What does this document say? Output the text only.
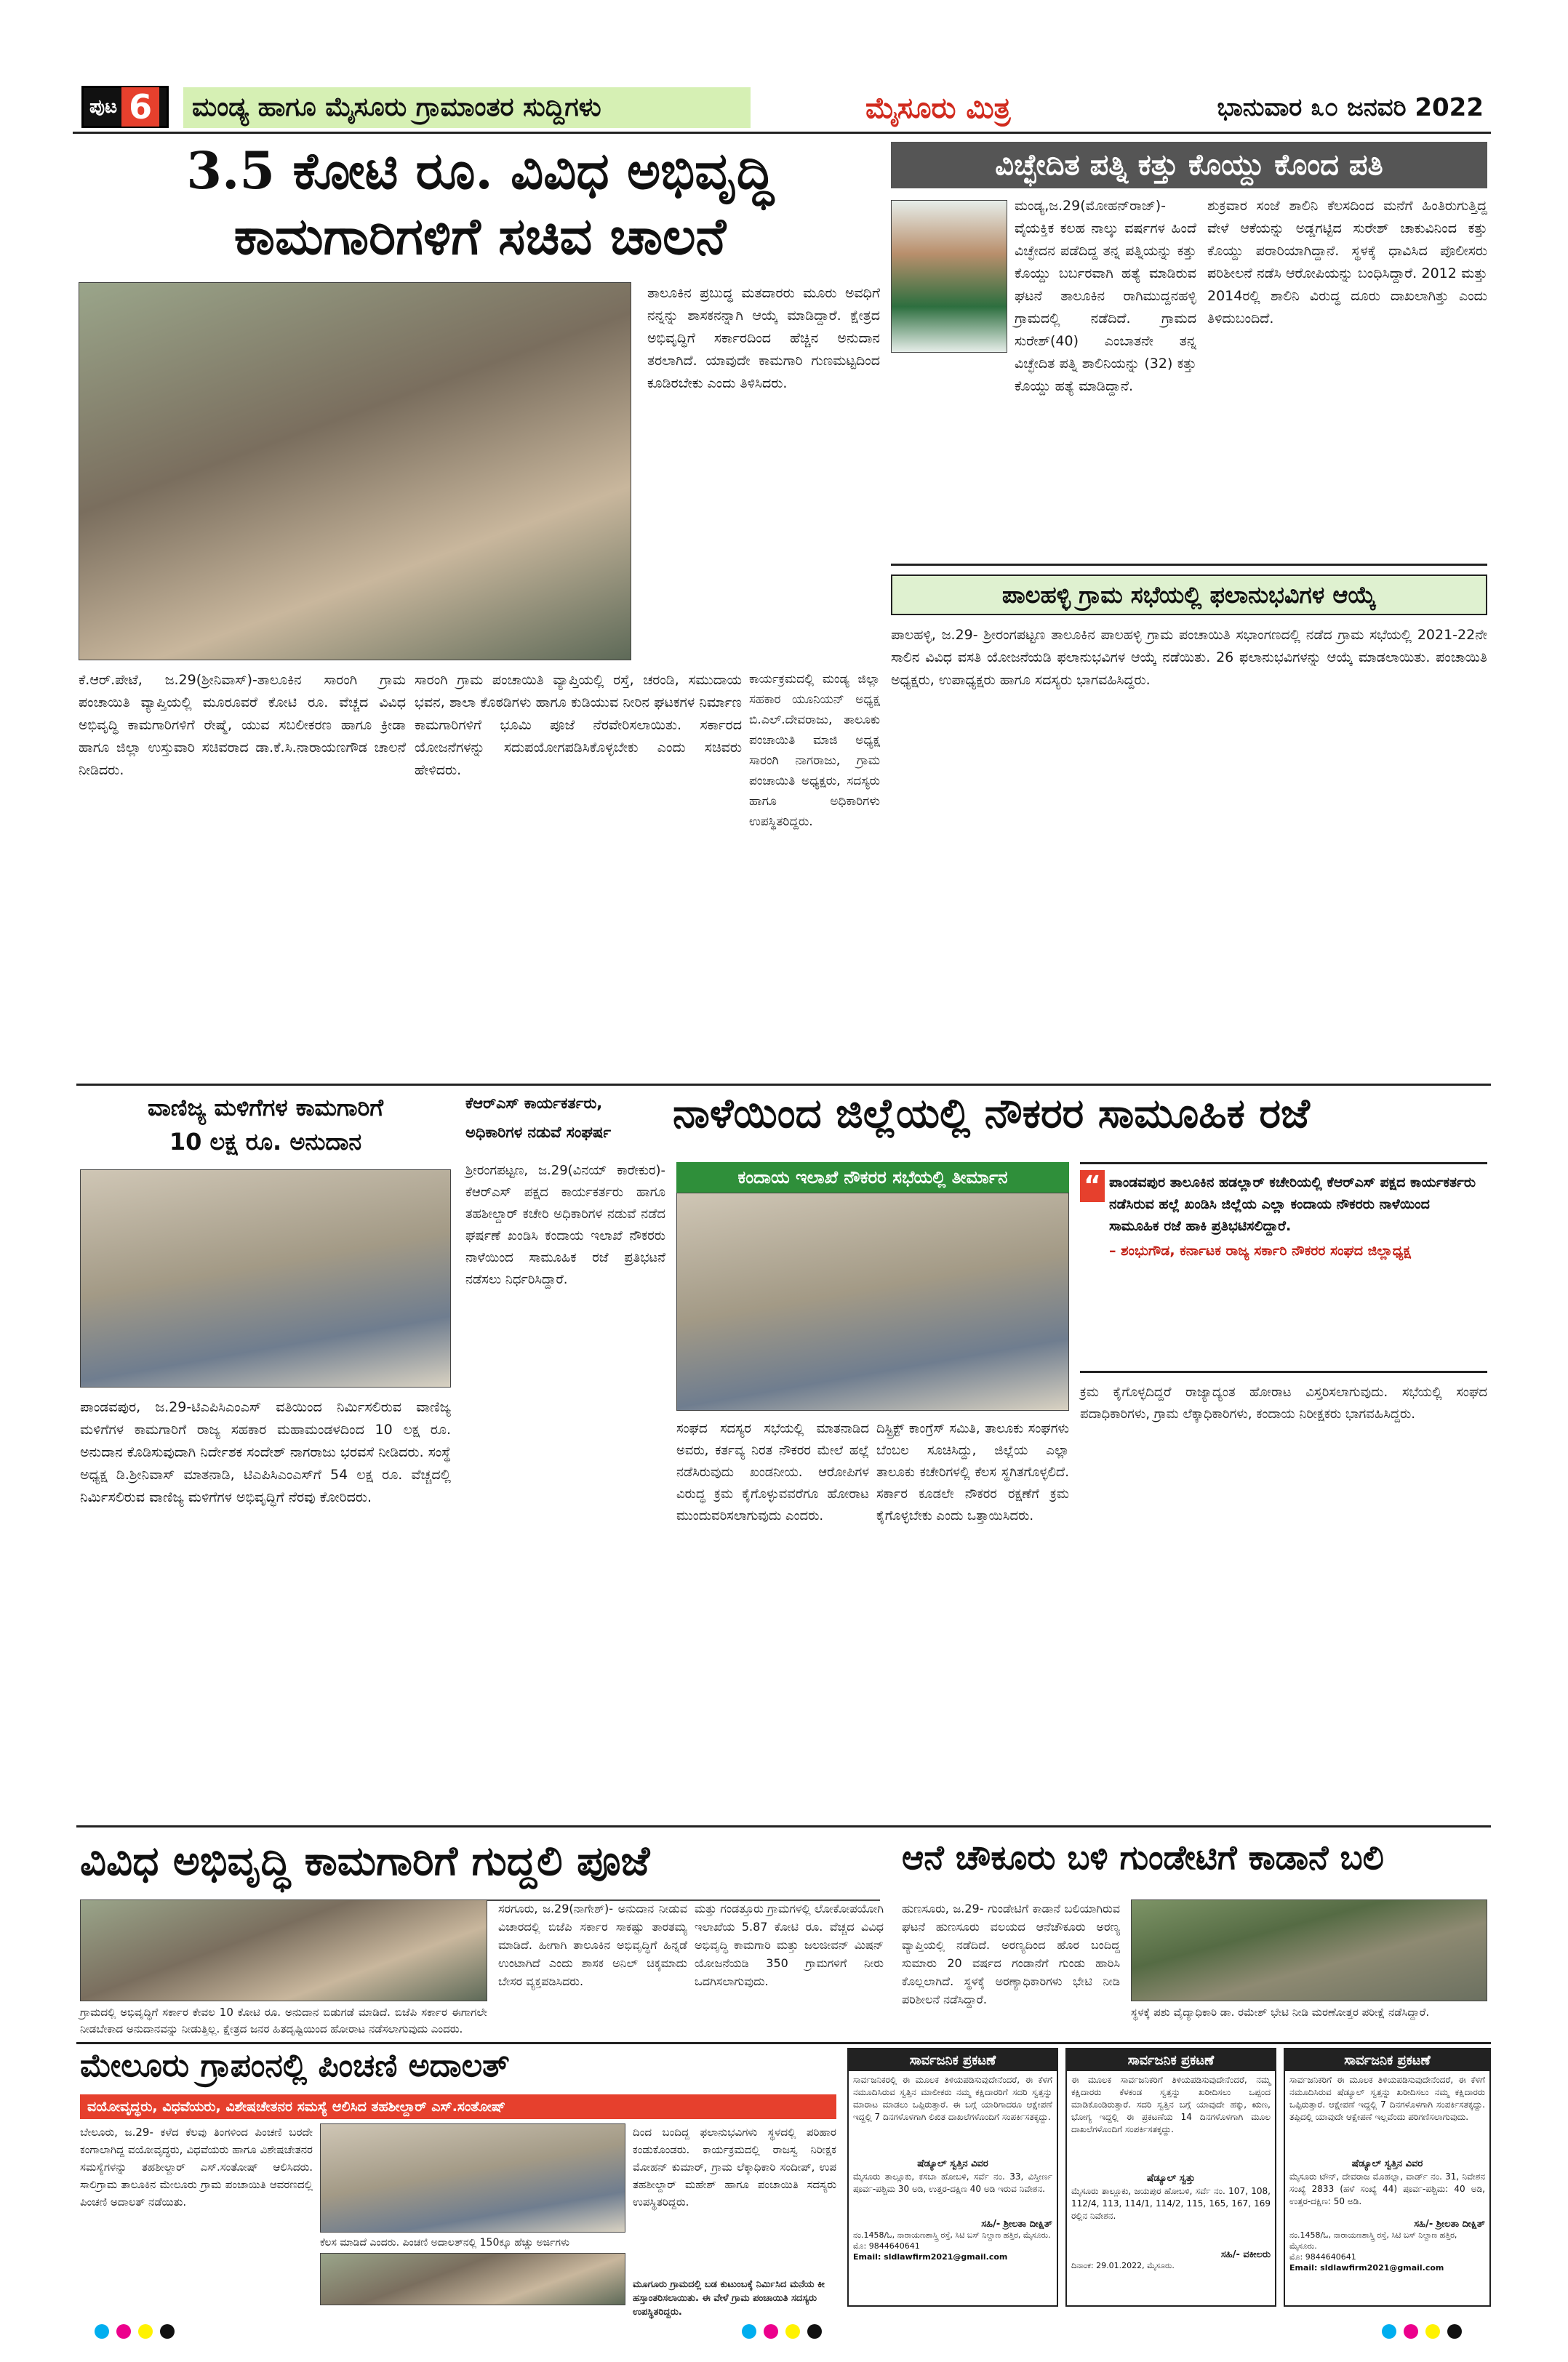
ಪುಟ 6	ಮಂಡ್ಯ ಹಾಗೂ ಮೈಸೂರು ಗ್ರಾಮಾಂತರ ಸುದ್ದಿಗಳು	ಮೈಸೂರು ಮಿತ್ರ	ಭಾನುವಾರ ೩೦ ಜನವರಿ 2022
3.5 ಕೋಟಿ ರೂ. ವಿವಿಧ ಅಭಿವೃದ್ಧಿ
ಕಾಮಗಾರಿಗಳಿಗೆ ಸಚಿವ ಚಾಲನೆ
ತಾಲೂಕಿನ ಪ್ರಬುದ್ಧ ಮತದಾರರು ಮೂರು ಅವಧಿಗೆ ನನ್ನನ್ನು ಶಾಸಕನನ್ನಾಗಿ ಆಯ್ಕೆ ಮಾಡಿದ್ದಾರೆ. ಕ್ಷೇತ್ರದ ಅಭಿವೃದ್ಧಿಗೆ ಸರ್ಕಾರದಿಂದ ಹೆಚ್ಚಿನ ಅನುದಾನ ತರಲಾಗಿದೆ. ಯಾವುದೇ ಕಾಮಗಾರಿ ಗುಣಮಟ್ಟದಿಂದ ಕೂಡಿರಬೇಕು ಎಂದು ತಿಳಿಸಿದರು.
ಕೆ.ಆರ್.ಪೇಟೆ, ಜ.29(ಶ್ರೀನಿವಾಸ್)-ತಾಲೂಕಿನ ಸಾರಂಗಿ ಗ್ರಾಮ ಪಂಚಾಯಿತಿ ವ್ಯಾಪ್ತಿಯಲ್ಲಿ ಮೂರೂವರೆ ಕೋಟಿ ರೂ. ವೆಚ್ಚದ ವಿವಿಧ ಅಭಿವೃದ್ಧಿ ಕಾಮಗಾರಿಗಳಿಗೆ ರೇಷ್ಮೆ, ಯುವ ಸಬಲೀಕರಣ ಹಾಗೂ ಕ್ರೀಡಾ ಹಾಗೂ ಜಿಲ್ಲಾ ಉಸ್ತುವಾರಿ ಸಚಿವರಾದ ಡಾ.ಕೆ.ಸಿ.ನಾರಾಯಣಗೌಡ ಚಾಲನೆ ನೀಡಿದರು.
ಸಾರಂಗಿ ಗ್ರಾಮ ಪಂಚಾಯಿತಿ ವ್ಯಾಪ್ತಿಯಲ್ಲಿ ರಸ್ತೆ, ಚರಂಡಿ, ಸಮುದಾಯ ಭವನ, ಶಾಲಾ ಕೊಠಡಿಗಳು ಹಾಗೂ ಕುಡಿಯುವ ನೀರಿನ ಘಟಕಗಳ ನಿರ್ಮಾಣ ಕಾಮಗಾರಿಗಳಿಗೆ ಭೂಮಿ ಪೂಜೆ ನೆರವೇರಿಸಲಾಯಿತು. ಸರ್ಕಾರದ ಯೋಜನೆಗಳನ್ನು ಸದುಪಯೋಗಪಡಿಸಿಕೊಳ್ಳಬೇಕು ಎಂದು ಸಚಿವರು ಹೇಳಿದರು.
ಕಾರ್ಯಕ್ರಮದಲ್ಲಿ ಮಂಡ್ಯ ಜಿಲ್ಲಾ ಸಹಕಾರ ಯೂನಿಯನ್ ಅಧ್ಯಕ್ಷ ಬಿ.ಎಲ್.ದೇವರಾಜು, ತಾಲೂಕು ಪಂಚಾಯಿತಿ ಮಾಜಿ ಅಧ್ಯಕ್ಷ ಸಾರಂಗಿ ನಾಗರಾಜು, ಗ್ರಾಮ ಪಂಚಾಯಿತಿ ಅಧ್ಯಕ್ಷರು, ಸದಸ್ಯರು ಹಾಗೂ ಅಧಿಕಾರಿಗಳು ಉಪಸ್ಥಿತರಿದ್ದರು.
ವಿಚ್ಛೇದಿತ ಪತ್ನಿ ಕತ್ತು ಕೊಯ್ದು ಕೊಂದ ಪತಿ
ಮಂಡ್ಯ,ಜ.29(ಮೋಹನ್‌ರಾಜ್)-ವೈಯಕ್ತಿಕ ಕಲಹ ನಾಲ್ಕು ವರ್ಷಗಳ ಹಿಂದೆ ವಿಚ್ಛೇದನ ಪಡೆದಿದ್ದ ತನ್ನ ಪತ್ನಿಯನ್ನು ಕತ್ತು ಕೊಯ್ದು ಬರ್ಬರವಾಗಿ ಹತ್ಯೆ ಮಾಡಿರುವ ಘಟನೆ ತಾಲೂಕಿನ ರಾಗಿಮುದ್ದನಹಳ್ಳಿ ಗ್ರಾಮದಲ್ಲಿ ನಡೆದಿದೆ. ಗ್ರಾಮದ ಸುರೇಶ್(40) ಎಂಬಾತನೇ ತನ್ನ ವಿಚ್ಛೇದಿತ ಪತ್ನಿ ಶಾಲಿನಿಯನ್ನು (32) ಕತ್ತು ಕೊಯ್ದು ಹತ್ಯೆ ಮಾಡಿದ್ದಾನೆ.
ಶುಕ್ರವಾರ ಸಂಜೆ ಶಾಲಿನಿ ಕೆಲಸದಿಂದ ಮನೆಗೆ ಹಿಂತಿರುಗುತ್ತಿದ್ದ ವೇಳೆ ಆಕೆಯನ್ನು ಅಡ್ಡಗಟ್ಟಿದ ಸುರೇಶ್ ಚಾಕುವಿನಿಂದ ಕತ್ತು ಕೊಯ್ದು ಪರಾರಿಯಾಗಿದ್ದಾನೆ. ಸ್ಥಳಕ್ಕೆ ಧಾವಿಸಿದ ಪೊಲೀಸರು ಪರಿಶೀಲನೆ ನಡೆಸಿ ಆರೋಪಿಯನ್ನು ಬಂಧಿಸಿದ್ದಾರೆ. 2012 ಮತ್ತು 2014ರಲ್ಲಿ ಶಾಲಿನಿ ವಿರುದ್ಧ ದೂರು ದಾಖಲಾಗಿತ್ತು ಎಂದು ತಿಳಿದುಬಂದಿದೆ.
ಪಾಲಹಳ್ಳಿ ಗ್ರಾಮ ಸಭೆಯಲ್ಲಿ ಫಲಾನುಭವಿಗಳ ಆಯ್ಕೆ
ಪಾಲಹಳ್ಳಿ, ಜ.29- ಶ್ರೀರಂಗಪಟ್ಟಣ ತಾಲೂಕಿನ ಪಾಲಹಳ್ಳಿ ಗ್ರಾಮ ಪಂಚಾಯಿತಿ ಸಭಾಂಗಣದಲ್ಲಿ ನಡೆದ ಗ್ರಾಮ ಸಭೆಯಲ್ಲಿ 2021-22ನೇ ಸಾಲಿನ ವಿವಿಧ ವಸತಿ ಯೋಜನೆಯಡಿ ಫಲಾನುಭವಿಗಳ ಆಯ್ಕೆ ನಡೆಯಿತು. 26 ಫಲಾನುಭವಿಗಳನ್ನು ಆಯ್ಕೆ ಮಾಡಲಾಯಿತು. ಪಂಚಾಯಿತಿ ಅಧ್ಯಕ್ಷರು, ಉಪಾಧ್ಯಕ್ಷರು ಹಾಗೂ ಸದಸ್ಯರು ಭಾಗವಹಿಸಿದ್ದರು.
ವಾಣಿಜ್ಯ ಮಳಿಗೆಗಳ ಕಾಮಗಾರಿಗೆ
10 ಲಕ್ಷ ರೂ. ಅನುದಾನ
ಪಾಂಡವಪುರ, ಜ.29-ಟಿಎಪಿಸಿಎಂಎಸ್ ವತಿಯಿಂದ ನಿರ್ಮಿಸಲಿರುವ ವಾಣಿಜ್ಯ ಮಳಿಗೆಗಳ ಕಾಮಗಾರಿಗೆ ರಾಜ್ಯ ಸಹಕಾರ ಮಹಾಮಂಡಳದಿಂದ 10 ಲಕ್ಷ ರೂ. ಅನುದಾನ ಕೊಡಿಸುವುದಾಗಿ ನಿರ್ದೇಶಕ ಸಂದೇಶ್ ನಾಗರಾಜು ಭರವಸೆ ನೀಡಿದರು. ಸಂಸ್ಥೆ ಅಧ್ಯಕ್ಷ ಡಿ.ಶ್ರೀನಿವಾಸ್ ಮಾತನಾಡಿ, ಟಿಎಪಿಸಿಎಂಎಸ್‌ಗೆ 54 ಲಕ್ಷ ರೂ. ವೆಚ್ಚದಲ್ಲಿ ನಿರ್ಮಿಸಲಿರುವ ವಾಣಿಜ್ಯ ಮಳಿಗೆಗಳ ಅಭಿವೃದ್ಧಿಗೆ ನೆರವು ಕೋರಿದರು.
ಕೆಆರ್‌ಎಸ್ ಕಾರ್ಯಕರ್ತರು,
ಅಧಿಕಾರಿಗಳ ನಡುವೆ ಸಂಘರ್ಷ	ನಾಳೆಯಿಂದ ಜಿಲ್ಲೆಯಲ್ಲಿ ನೌಕರರ ಸಾಮೂಹಿಕ ರಜೆ
ಶ್ರೀರಂಗಪಟ್ಟಣ, ಜ.29(ವಿನಯ್ ಕಾರೇಕುರ)- ಕೆಆರ್‌ಎಸ್ ಪಕ್ಷದ ಕಾರ್ಯಕರ್ತರು ಹಾಗೂ ತಹಶೀಲ್ದಾರ್ ಕಚೇರಿ ಅಧಿಕಾರಿಗಳ ನಡುವೆ ನಡೆದ ಘರ್ಷಣೆ ಖಂಡಿಸಿ ಕಂದಾಯ ಇಲಾಖೆ ನೌಕರರು ನಾಳೆಯಿಂದ ಸಾಮೂಹಿಕ ರಜೆ ಪ್ರತಿಭಟನೆ ನಡೆಸಲು ನಿರ್ಧರಿಸಿದ್ದಾರೆ.
ಕಂದಾಯ ಇಲಾಖೆ ನೌಕರರ ಸಭೆಯಲ್ಲಿ ತೀರ್ಮಾನ
ಸಂಘದ ಸದಸ್ಯರ ಸಭೆಯಲ್ಲಿ ಮಾತನಾಡಿದ ಅವರು, ಕರ್ತವ್ಯ ನಿರತ ನೌಕರರ ಮೇಲೆ ಹಲ್ಲೆ ನಡೆಸಿರುವುದು ಖಂಡನೀಯ. ಆರೋಪಿಗಳ ವಿರುದ್ಧ ಕ್ರಮ ಕೈಗೊಳ್ಳುವವರೆಗೂ ಹೋರಾಟ ಮುಂದುವರಿಸಲಾಗುವುದು ಎಂದರು.
ದಿಸ್ಟ್ರಿಕ್ಟ್ ಕಾಂಗ್ರೆಸ್ ಸಮಿತಿ, ತಾಲೂಕು ಸಂಘಗಳು ಬೆಂಬಲ ಸೂಚಿಸಿದ್ದು, ಜಿಲ್ಲೆಯ ಎಲ್ಲಾ ತಾಲೂಕು ಕಚೇರಿಗಳಲ್ಲಿ ಕೆಲಸ ಸ್ಥಗಿತಗೊಳ್ಳಲಿದೆ. ಸರ್ಕಾರ ಕೂಡಲೇ ನೌಕರರ ರಕ್ಷಣೆಗೆ ಕ್ರಮ ಕೈಗೊಳ್ಳಬೇಕು ಎಂದು ಒತ್ತಾಯಿಸಿದರು.
“ ಪಾಂಡವಪುರ ತಾಲೂಕಿನ ಹಡಲ್ಲಾರ್ ಕಚೇರಿಯಲ್ಲಿ ಕೆಆರ್‌ಎಸ್ ಪಕ್ಷದ ಕಾರ್ಯಕರ್ತರು ನಡೆಸಿರುವ ಹಲ್ಲೆ ಖಂಡಿಸಿ ಜಿಲ್ಲೆಯ ಎಲ್ಲಾ ಕಂದಾಯ ನೌಕರರು ನಾಳೆಯಿಂದ ಸಾಮೂಹಿಕ ರಜೆ ಹಾಕಿ ಪ್ರತಿಭಟಿಸಲಿದ್ದಾರೆ.
– ಶಂಭುಗೌಡ, ಕರ್ನಾಟಕ ರಾಜ್ಯ ಸರ್ಕಾರಿ ನೌಕರರ ಸಂಘದ ಜಿಲ್ಲಾಧ್ಯಕ್ಷ
ಕ್ರಮ ಕೈಗೊಳ್ಳದಿದ್ದರೆ ರಾಜ್ಯಾದ್ಯಂತ ಹೋರಾಟ ವಿಸ್ತರಿಸಲಾಗುವುದು. ಸಭೆಯಲ್ಲಿ ಸಂಘದ ಪದಾಧಿಕಾರಿಗಳು, ಗ್ರಾಮ ಲೆಕ್ಕಾಧಿಕಾರಿಗಳು, ಕಂದಾಯ ನಿರೀಕ್ಷಕರು ಭಾಗವಹಿಸಿದ್ದರು.
ವಿವಿಧ ಅಭಿವೃದ್ಧಿ ಕಾಮಗಾರಿಗೆ ಗುದ್ದಲಿ ಪೂಜೆ	ಆನೆ ಚೌಕೂರು ಬಳಿ ಗುಂಡೇಟಿಗೆ ಕಾಡಾನೆ ಬಲಿ
ಸರಗೂರು, ಜ.29(ನಾಗೇಶ್)- ಅನುದಾನ ನೀಡುವ ವಿಚಾರದಲ್ಲಿ ಬಿಜೆಪಿ ಸರ್ಕಾರ ಸಾಕಷ್ಟು ತಾರತಮ್ಯ ಮಾಡಿದೆ. ಹೀಗಾಗಿ ತಾಲೂಕಿನ ಅಭಿವೃದ್ಧಿಗೆ ಹಿನ್ನಡೆ ಉಂಟಾಗಿದೆ ಎಂದು ಶಾಸಕ ಅನಿಲ್ ಚಿಕ್ಕಮಾದು ಬೇಸರ ವ್ಯಕ್ತಪಡಿಸಿದರು.
ಮತ್ತು ಗಂಡತ್ತೂರು ಗ್ರಾಮಗಳಲ್ಲಿ ಲೋಕೋಪಯೋಗಿ ಇಲಾಖೆಯ 5.87 ಕೋಟಿ ರೂ. ವೆಚ್ಚದ ವಿವಿಧ ಅಭಿವೃದ್ಧಿ ಕಾಮಗಾರಿ ಮತ್ತು ಜಲಜೀವನ್ ಮಿಷನ್ ಯೋಜನೆಯಡಿ 350 ಗ್ರಾಮಗಳಿಗೆ ನೀರು ಒದಗಿಸಲಾಗುವುದು.
ಗ್ರಾಮದಲ್ಲಿ ಅಭಿವೃದ್ಧಿಗೆ ಸರ್ಕಾರ ಕೇವಲ 10 ಕೋಟಿ ರೂ. ಅನುದಾನ ಬಿಡುಗಡೆ ಮಾಡಿದೆ. ಬಿಜೆಪಿ ಸರ್ಕಾರ ಈಗಾಗಲೇ ನೀಡಬೇಕಾದ ಅನುದಾನವನ್ನು ನೀಡುತ್ತಿಲ್ಲ. ಕ್ಷೇತ್ರದ ಜನರ ಹಿತದೃಷ್ಟಿಯಿಂದ ಹೋರಾಟ ನಡೆಸಲಾಗುವುದು ಎಂದರು.
ಹುಣಸೂರು, ಜ.29- ಗುಂಡೇಟಿಗೆ ಕಾಡಾನೆ ಬಲಿಯಾಗಿರುವ ಘಟನೆ ಹುಣಸೂರು ವಲಯದ ಆನೆಚೌಕೂರು ಅರಣ್ಯ ವ್ಯಾಪ್ತಿಯಲ್ಲಿ ನಡೆದಿದೆ. ಅರಣ್ಯದಿಂದ ಹೊರ ಬಂದಿದ್ದ ಸುಮಾರು 20 ವರ್ಷದ ಗಂಡಾನೆಗೆ ಗುಂಡು ಹಾರಿಸಿ ಕೊಲ್ಲಲಾಗಿದೆ. ಸ್ಥಳಕ್ಕೆ ಅರಣ್ಯಾಧಿಕಾರಿಗಳು ಭೇಟಿ ನೀಡಿ ಪರಿಶೀಲನೆ ನಡೆಸಿದ್ದಾರೆ.
ಸ್ಥಳಕ್ಕೆ ಪಶು ವೈದ್ಯಾಧಿಕಾರಿ ಡಾ. ರಮೇಶ್ ಭೇಟಿ ನೀಡಿ ಮರಣೋತ್ತರ ಪರೀಕ್ಷೆ ನಡೆಸಿದ್ದಾರೆ.
ಮೇಲೂರು ಗ್ರಾಪಂನಲ್ಲಿ ಪಿಂಚಣಿ ಅದಾಲತ್
ವಯೋವೃದ್ಧರು, ವಿಧವೆಯರು, ವಿಶೇಷಚೇತನರ ಸಮಸ್ಯೆ ಆಲಿಸಿದ ತಹಶೀಲ್ದಾರ್ ಎಸ್.ಸಂತೋಷ್
ಬೇಲೂರು, ಜ.29- ಕಳೆದ ಕೆಲವು ತಿಂಗಳಿಂದ ಪಿಂಚಣಿ ಬರದೇ ಕಂಗಾಲಾಗಿದ್ದ ವಯೋವೃದ್ಧರು, ವಿಧವೆಯರು ಹಾಗೂ ವಿಶೇಷಚೇತನರ ಸಮಸ್ಯೆಗಳನ್ನು ತಹಶೀಲ್ದಾರ್ ಎಸ್.ಸಂತೋಷ್ ಆಲಿಸಿದರು. ಸಾಲಿಗ್ರಾಮ ತಾಲೂಕಿನ ಮೇಲೂರು ಗ್ರಾಮ ಪಂಚಾಯಿತಿ ಆವರಣದಲ್ಲಿ ಪಿಂಚಣಿ ಅದಾಲತ್ ನಡೆಯಿತು.
ಕೆಲಸ ಮಾಡಿದೆ ಎಂದರು. ಪಿಂಚಣಿ ಅದಾಲತ್‌ನಲ್ಲಿ 150ಕ್ಕೂ ಹೆಚ್ಚು ಅರ್ಜಿಗಳು
ದಿಂದ ಬಂದಿದ್ದ ಫಲಾನುಭವಿಗಳು ಸ್ಥಳದಲ್ಲಿ ಪರಿಹಾರ ಕಂಡುಕೊಂಡರು. ಕಾರ್ಯಕ್ರಮದಲ್ಲಿ ರಾಜಸ್ವ ನಿರೀಕ್ಷಕ ಮೋಹನ್ ಕುಮಾರ್, ಗ್ರಾಮ ಲೆಕ್ಕಾಧಿಕಾರಿ ಸಂದೀಪ್, ಉಪ ತಹಶೀಲ್ದಾರ್ ಮಹೇಶ್ ಹಾಗೂ ಪಂಚಾಯಿತಿ ಸದಸ್ಯರು ಉಪಸ್ಥಿತರಿದ್ದರು.
ಮೂಗೂರು ಗ್ರಾಮದಲ್ಲಿ ಬಡ ಕುಟುಂಬಕ್ಕೆ ನಿರ್ಮಿಸಿದ ಮನೆಯ ಕೀ ಹಸ್ತಾಂತರಿಸಲಾಯಿತು. ಈ ವೇಳೆ ಗ್ರಾಮ ಪಂಚಾಯಿತಿ ಸದಸ್ಯರು ಉಪಸ್ಥಿತರಿದ್ದರು.
ಸಾರ್ವಜನಿಕ ಪ್ರಕಟಣೆ
ಸಾರ್ವಜನಿಕರಲ್ಲಿ ಈ ಮೂಲಕ ತಿಳಿಯಪಡಿಸುವುದೇನೆಂದರೆ, ಈ ಕೆಳಗೆ ನಮೂದಿಸಿರುವ ಸ್ವತ್ತಿನ ಮಾಲೀಕರು ನಮ್ಮ ಕಕ್ಷಿದಾರರಿಗೆ ಸದರಿ ಸ್ವತ್ತನ್ನು ಮಾರಾಟ ಮಾಡಲು ಒಪ್ಪಿರುತ್ತಾರೆ. ಈ ಬಗ್ಗೆ ಯಾರಿಗಾದರೂ ಆಕ್ಷೇಪಣೆ ಇದ್ದಲ್ಲಿ 7 ದಿನಗಳೊಳಗಾಗಿ ಲಿಖಿತ ದಾಖಲೆಗಳೊಂದಿಗೆ ಸಂಪರ್ಕಿಸತಕ್ಕದ್ದು.
ಷೆಡ್ಯೂಲ್ ಸ್ವತ್ತಿನ ವಿವರ
ಮೈಸೂರು ತಾಲ್ಲೂಕು, ಕಸಬಾ ಹೋಬಳಿ, ಸರ್ವೆ ನಂ. 33, ವಿಸ್ತೀರ್ಣ ಪೂರ್ವ-ಪಶ್ಚಿಮ 30 ಅಡಿ, ಉತ್ತರ-ದಕ್ಷಿಣ 40 ಅಡಿ ಇರುವ ನಿವೇಶನ.
ಸಹಿ/- ಶ್ರೀಲತಾ ದೀಕ್ಷಿತ್
ನಂ.1458/ಓ, ನಾರಾಯಣಶಾಸ್ತ್ರಿ ರಸ್ತೆ, ಸಿಟಿ ಬಸ್ ನಿಲ್ದಾಣ ಹತ್ತಿರ, ಮೈಸೂರು.
ಮೊ: 9844640641
Email: sldlawfirm2021@gmail.com
ಸಾರ್ವಜನಿಕ ಪ್ರಕಟಣೆ
ಈ ಮೂಲಕ ಸಾರ್ವಜನಿಕರಿಗೆ ತಿಳಿಯಪಡಿಸುವುದೇನೆಂದರೆ, ನಮ್ಮ ಕಕ್ಷಿದಾರರು ಕೆಳಕಂಡ ಸ್ವತ್ತನ್ನು ಖರೀದಿಸಲು ಒಪ್ಪಂದ ಮಾಡಿಕೊಂಡಿರುತ್ತಾರೆ. ಸದರಿ ಸ್ವತ್ತಿನ ಬಗ್ಗೆ ಯಾವುದೇ ಹಕ್ಕು, ಋಣ, ಭೋಗ್ಯ ಇದ್ದಲ್ಲಿ ಈ ಪ್ರಕಟಣೆಯ 14 ದಿನಗಳೊಳಗಾಗಿ ಮೂಲ ದಾಖಲೆಗಳೊಂದಿಗೆ ಸಂಪರ್ಕಿಸತಕ್ಕದ್ದು.
ಷೆಡ್ಯೂಲ್ ಸ್ವತ್ತು
ಮೈಸೂರು ತಾಲ್ಲೂಕು, ಜಯಪುರ ಹೋಬಳಿ, ಸರ್ವೆ ನಂ. 107, 108, 112/4, 113, 114/1, 114/2, 115, 165, 167, 169 ರಲ್ಲಿನ ನಿವೇಶನ.
ಸಹಿ/- ವಕೀಲರು
ದಿನಾಂಕ: 29.01.2022, ಮೈಸೂರು.
ಸಾರ್ವಜನಿಕ ಪ್ರಕಟಣೆ
ಸಾರ್ವಜನಿಕರಿಗೆ ಈ ಮೂಲಕ ತಿಳಿಯಪಡಿಸುವುದೇನೆಂದರೆ, ಈ ಕೆಳಗೆ ನಮೂದಿಸಿರುವ ಷೆಡ್ಯೂಲ್ ಸ್ವತ್ತನ್ನು ಖರೀದಿಸಲು ನಮ್ಮ ಕಕ್ಷಿದಾರರು ಒಪ್ಪಿರುತ್ತಾರೆ. ಆಕ್ಷೇಪಣೆ ಇದ್ದಲ್ಲಿ 7 ದಿನಗಳೊಳಗಾಗಿ ಸಂಪರ್ಕಿಸತಕ್ಕದ್ದು. ತಪ್ಪಿದಲ್ಲಿ ಯಾವುದೇ ಆಕ್ಷೇಪಣೆ ಇಲ್ಲವೆಂದು ಪರಿಗಣಿಸಲಾಗುವುದು.
ಷೆಡ್ಯೂಲ್ ಸ್ವತ್ತಿನ ವಿವರ
ಮೈಸೂರು ಟೌನ್, ದೇವರಾಜ ಮೊಹಲ್ಲಾ, ವಾರ್ಡ್ ನಂ. 31, ನಿವೇಶನ ಸಂಖ್ಯೆ 2833 (ಹಳೆ ಸಂಖ್ಯೆ 44) ಪೂರ್ವ-ಪಶ್ಚಿಮ: 40 ಅಡಿ, ಉತ್ತರ-ದಕ್ಷಿಣ: 50 ಅಡಿ.
ಸಹಿ/- ಶ್ರೀಲತಾ ದೀಕ್ಷಿತ್
ನಂ.1458/ಓ, ನಾರಾಯಣಶಾಸ್ತ್ರಿ ರಸ್ತೆ, ಸಿಟಿ ಬಸ್ ನಿಲ್ದಾಣ ಹತ್ತಿರ, ಮೈಸೂರು.
ಮೊ: 9844640641
Email: sldlawfirm2021@gmail.com
